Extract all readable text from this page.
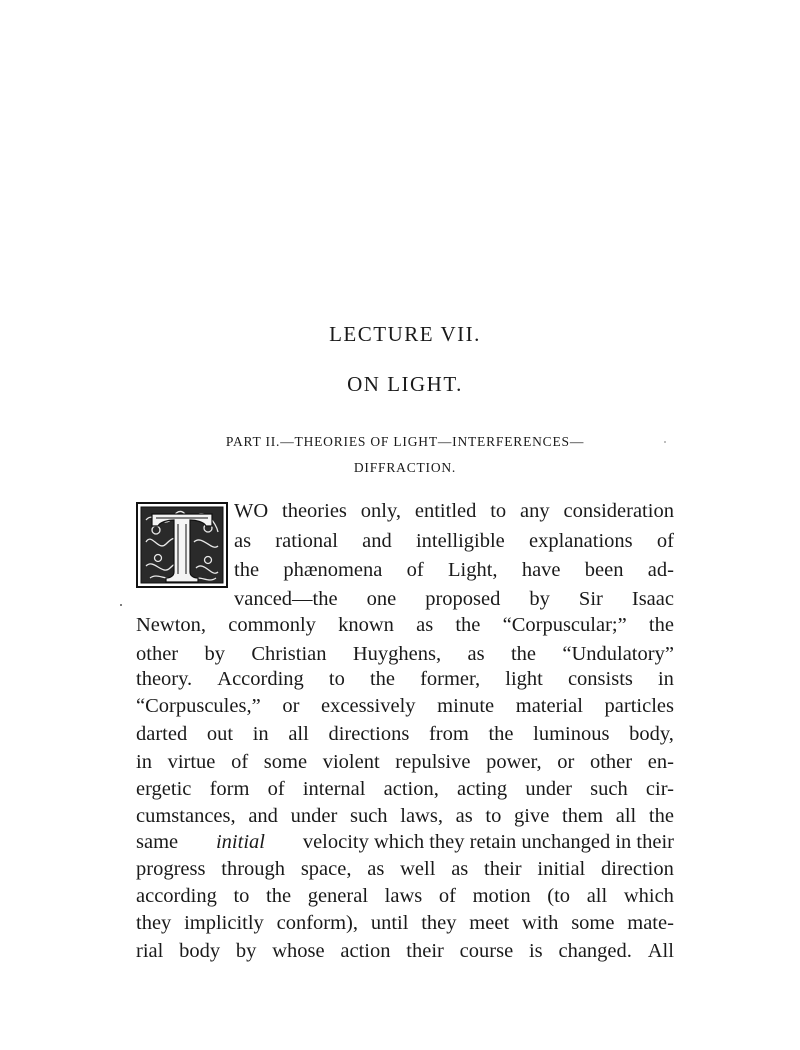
LECTURE VII.
ON LIGHT.
PART II.—THEORIES OF LIGHT—INTERFERENCES—
DIFFRACTION.
WO theories only, entitled to any consideration
as rational and intelligible explanations of
the phænomena of Light, have been ad-
vanced—the one proposed by Sir Isaac
Newton, commonly known as the “Corpuscular;” the
other by Christian Huyghens, as the “Undulatory”
theory. According to the former, light consists in
“Corpuscules,” or excessively minute material particles
darted out in all directions from the luminous body,
in virtue of some violent repulsive power, or other en-
ergetic form of internal action, acting under such cir-
cumstances, and under such laws, as to give them all the
same initial velocity which they retain unchanged in their
progress through space, as well as their initial direction
according to the general laws of motion (to all which
they implicitly conform), until they meet with some mate-
rial body by whose action their course is changed. All
